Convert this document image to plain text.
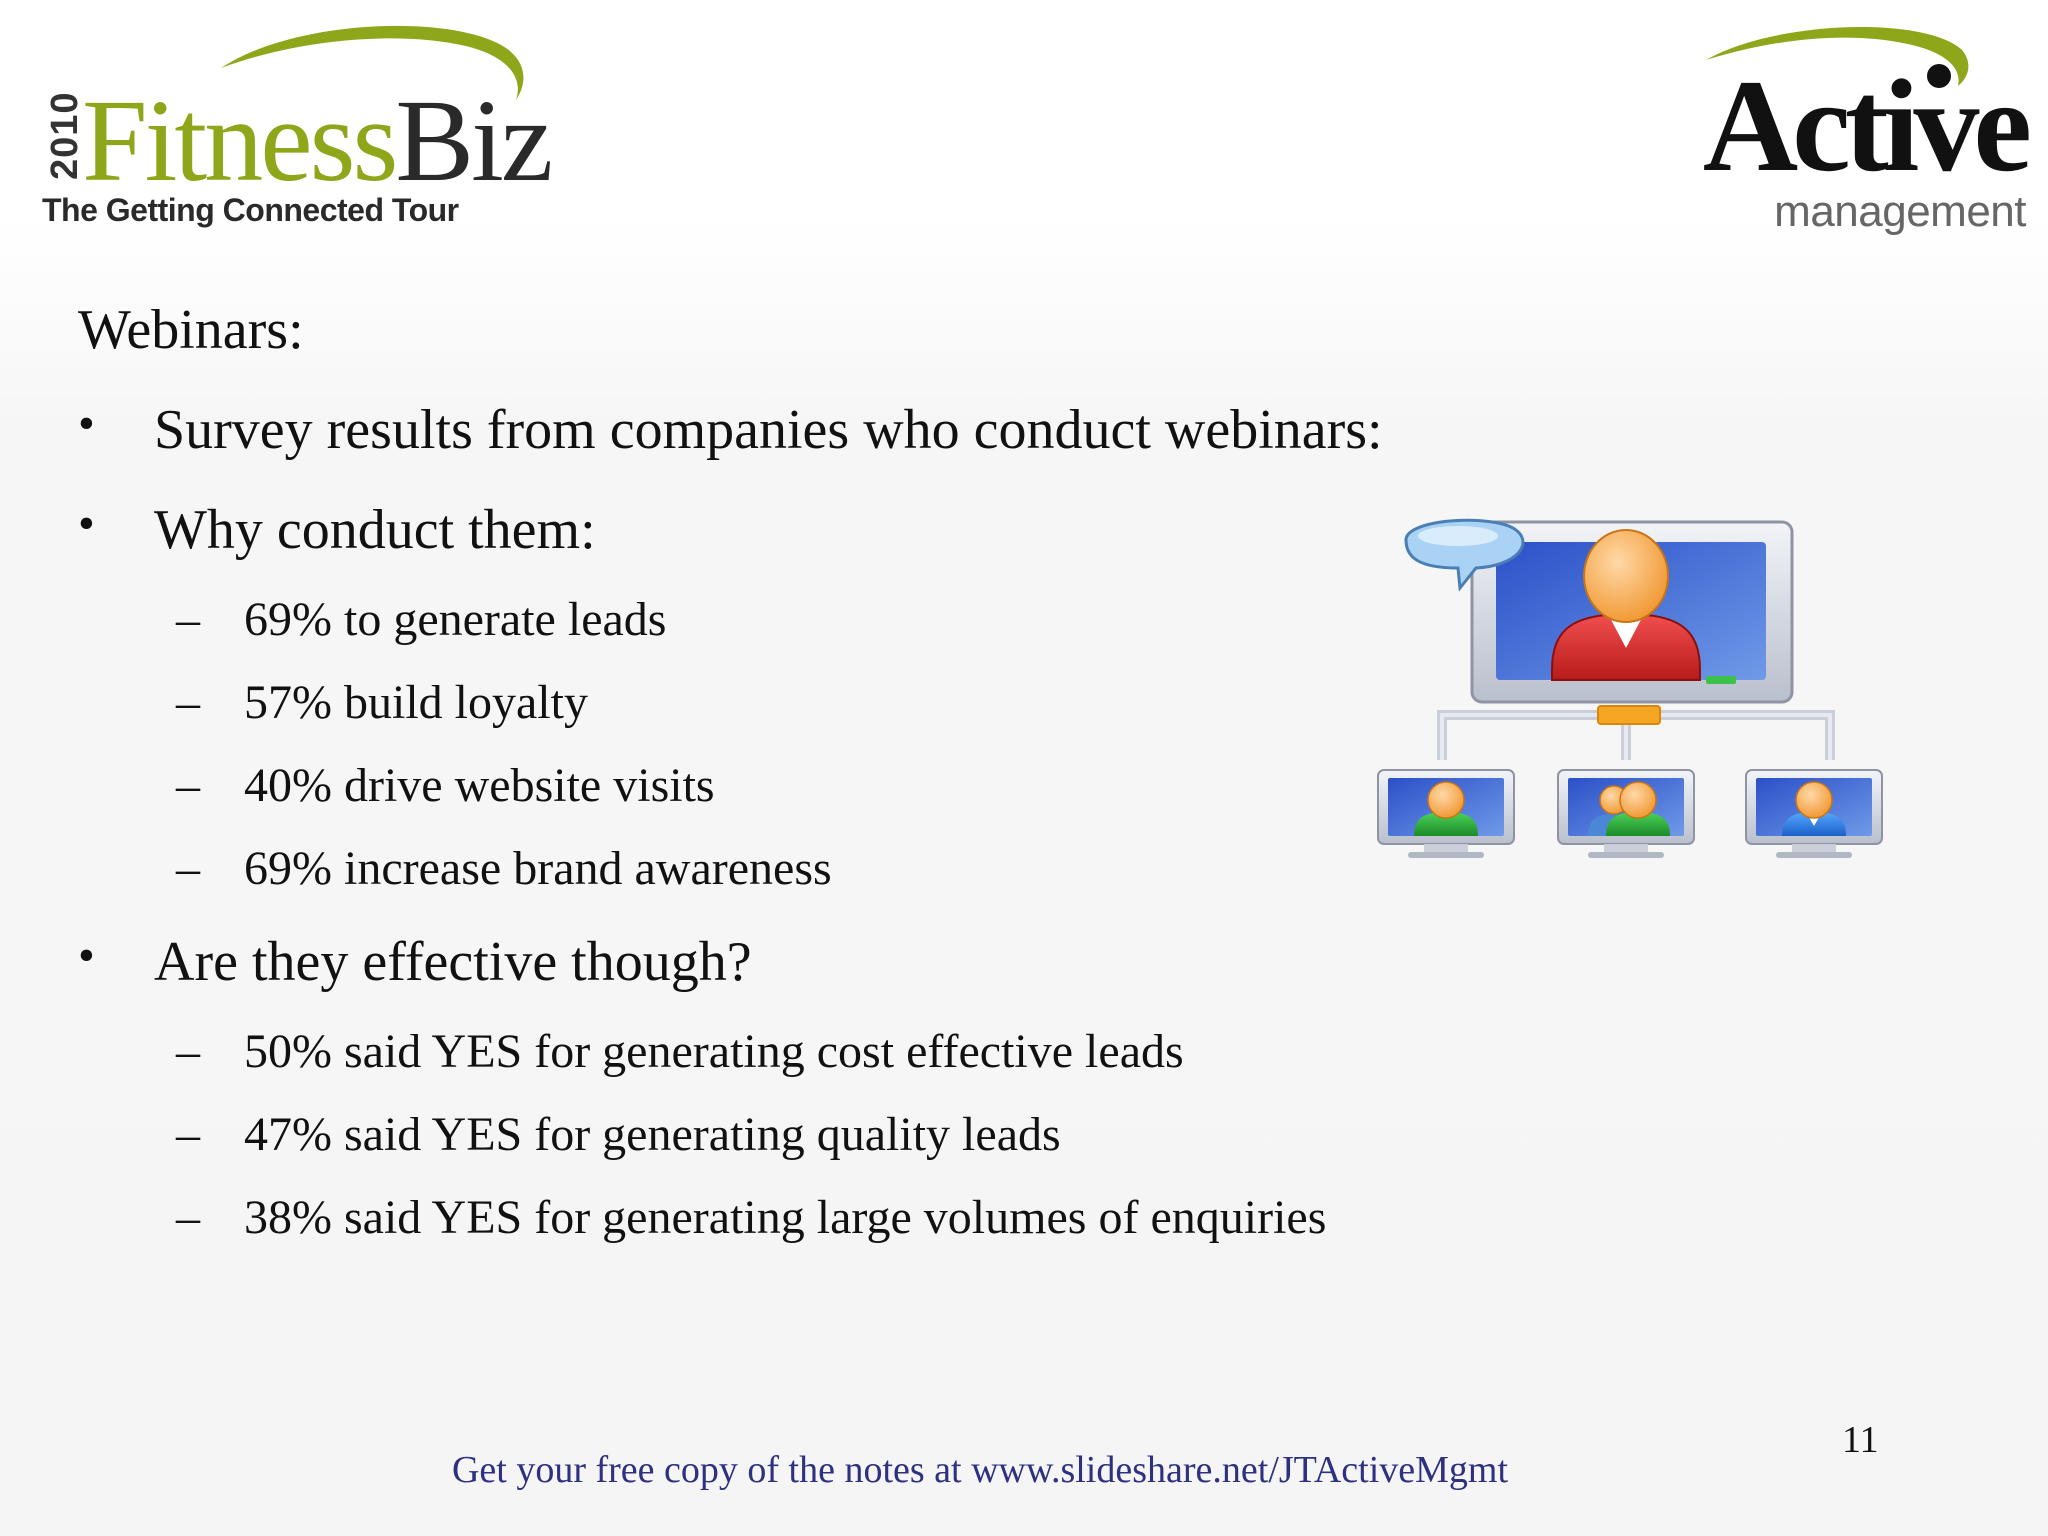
2010
FitnessBiz
The Getting Connected Tour
Active
management
Webinars:
• Survey results from companies who conduct webinars:
• Why conduct them:
– 69% to generate leads
– 57% build loyalty
– 40% drive website visits
– 69% increase brand awareness
• Are they effective though?
– 50% said YES for generating cost effective leads
– 47% said YES for generating quality leads
– 38% said YES for generating large volumes of enquiries
Get your free copy of the notes at www.slideshare.net/JTActiveMgmt
11
